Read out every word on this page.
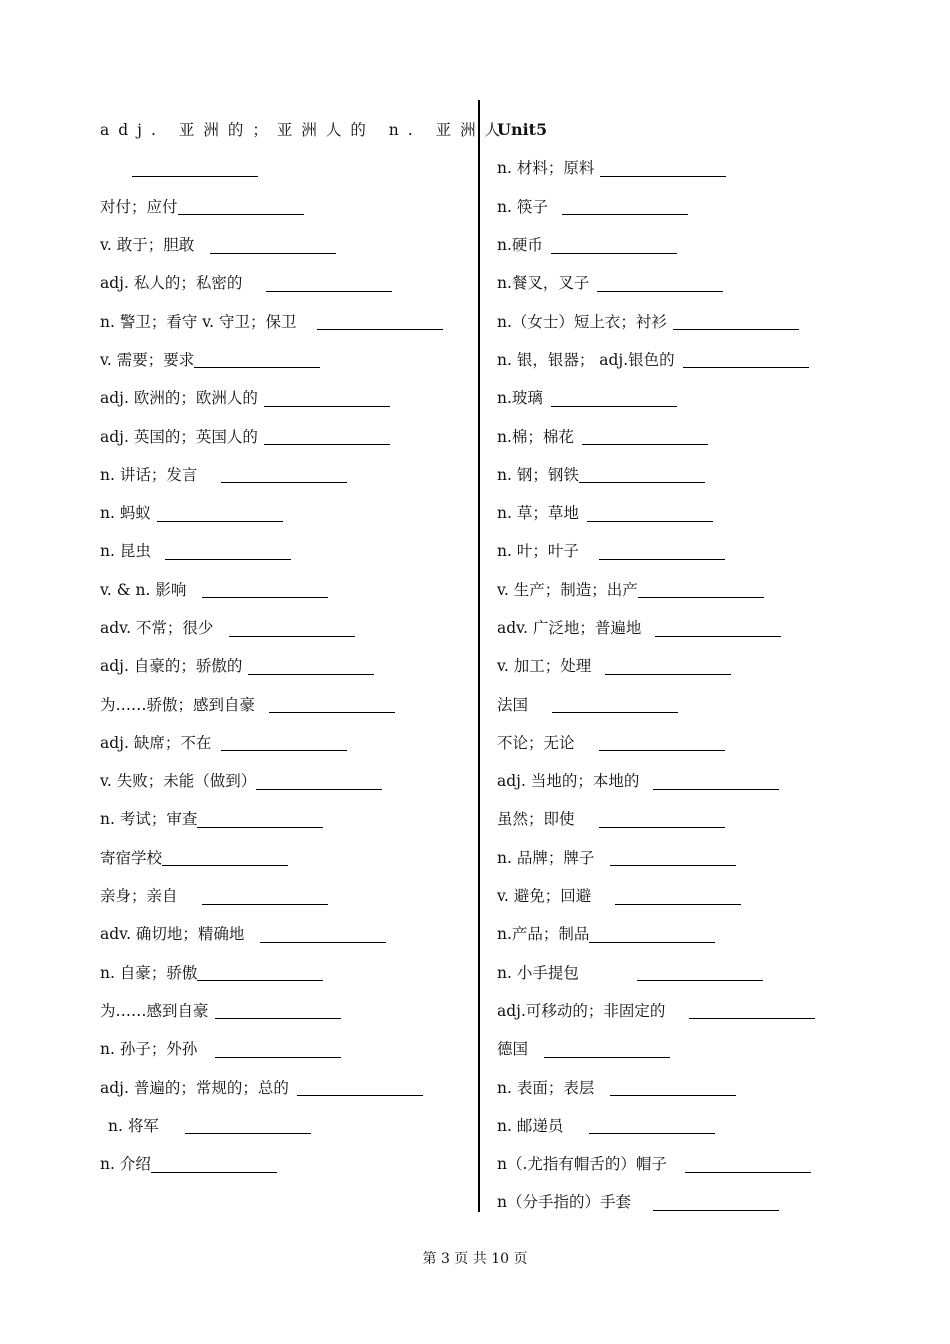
adj. 亚洲的；亚洲人的 n. 亚洲人
对付；应付
v. 敢于；胆敢
adj. 私人的；私密的
n. 警卫；看守 v. 守卫；保卫
v. 需要；要求
adj. 欧洲的；欧洲人的
adj. 英国的；英国人的
n. 讲话；发言
n. 蚂蚁
n. 昆虫
v. & n. 影响
adv. 不常；很少
adj. 自豪的；骄傲的
为……骄傲；感到自豪
adj. 缺席；不在
v. 失败；未能（做到）
n. 考试；审查
寄宿学校
亲身；亲自
adv. 确切地；精确地
n. 自豪；骄傲
为……感到自豪
n. 孙子；外孙
adj. 普遍的；常规的；总的
n. 将军
n. 介绍
Unit5
n. 材料；原料
n. 筷子
n.硬币
n.餐叉，叉子
n.（女士）短上衣；衬衫
n. 银，银器； adj.银色的
n.玻璃
n.棉；棉花
n. 钢；钢铁
n. 草；草地
n. 叶；叶子
v. 生产；制造；出产
adv. 广泛地；普遍地
v. 加工；处理
法国
不论；无论
adj. 当地的；本地的
虽然；即使
n. 品牌；牌子
v. 避免；回避
n.产品；制品
n. 小手提包
adj.可移动的；非固定的
德国
n. 表面；表层
n. 邮递员
n（.尤指有帽舌的）帽子
n（分手指的）手套
第 3 页 共 10 页
